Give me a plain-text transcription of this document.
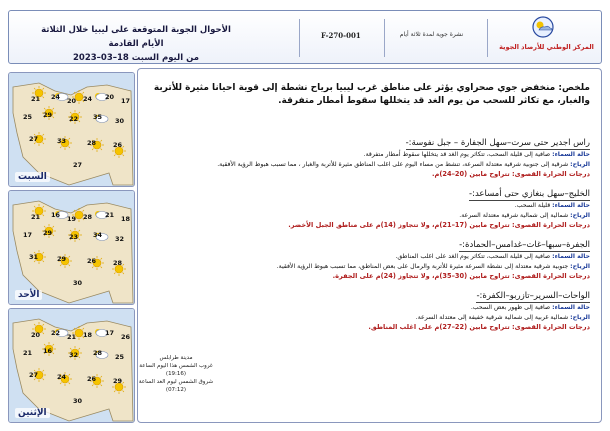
الأحوال الجوية المتوقعة على ليبيا خلال الثلاثة الأيام القادمة
من اليوم السبت 18–03–2023
F-270-001	نشرة جوية لمدة ثلاثة أيام
المركز الوطني للأرصاد الجوية
ملخص: منخفض جوي صحراوي يؤثر على مناطق غرب ليبيا برياح نشطة إلى قوية احيانا مثيرة للأتربة والغبار، مع تكاثر للسحب من يوم الغد قد يتخللها سقوط أمطار متفرقة.
راس اجدير حتى سرت–سهل الجفارة – جبل نفوسة:-
حالة السماء: صافية إلى قليلة السحب، تتكاثر يوم الغد قد يتخللها سقوط أمطار متفرقة.
الرياح: شرقية إلى جنوبية شرقية معتدلة السرعة، تنشط من مساء اليوم على اغلب المناطق مثيرة للأتربة والغبار ، مما تسبب هبوط الرؤية الأفقية.
درجات الحرارة القصوى: تتراوح مابين (20–24)م.
الخليج–سهل بنغازي حتى أمساعد:-
حالة السماء: قليلة السحب.
الرياح: شمالية إلى شمالية شرقية معتدلة السرعة.
درجات الحرارة القصوى: تتراوح مابين (17–21)م، ولا تتجاوز (14)م على مناطق الجبل الأخضر.
الجفرة–سبها–غات–غدامس–الحمادة:-
حالة السماء: صافية إلى قليلة السحب، تتكاثر يوم الغد على اغلب المناطق.
الرياح: جنوبية شرقية معتدلة إلى نشطة السرعة مثيرة للأتربة والرمال على بعض المناطق، مما تسبب هبوط الرؤية الأفقية.
درجات الحرارة القصوى: تتراوح مابين (30–35)م، ولا تتجاوز (24)م على الجفرة.
الواحات–السرير–تازربو–الكفرة:-
حالة السماء: صافية إلى ظهور بعض السحب.
الرياح: شمالية غربية إلى شمالية شرقية خفيفة إلى معتدلة السرعة.
درجات الحرارة القصوى: تتراوح مابين (22–27)م على اغلب المناطق.
السبت
21 24 20 24 20 17
25 29	22 35 30
27	33	28	26
27
الأحد
21 16 19 28 21 18
17 29	23 34 32
31	29	26	28
30
الإثنين
20 22 21 18 17 26
21 16	32 28 25
27	24	26	29
30
مدينة طرابلس
غروب الشمس هذا اليوم الساعة (19:16)
شروق الشمس ليوم الغد الساعة (07:12)
